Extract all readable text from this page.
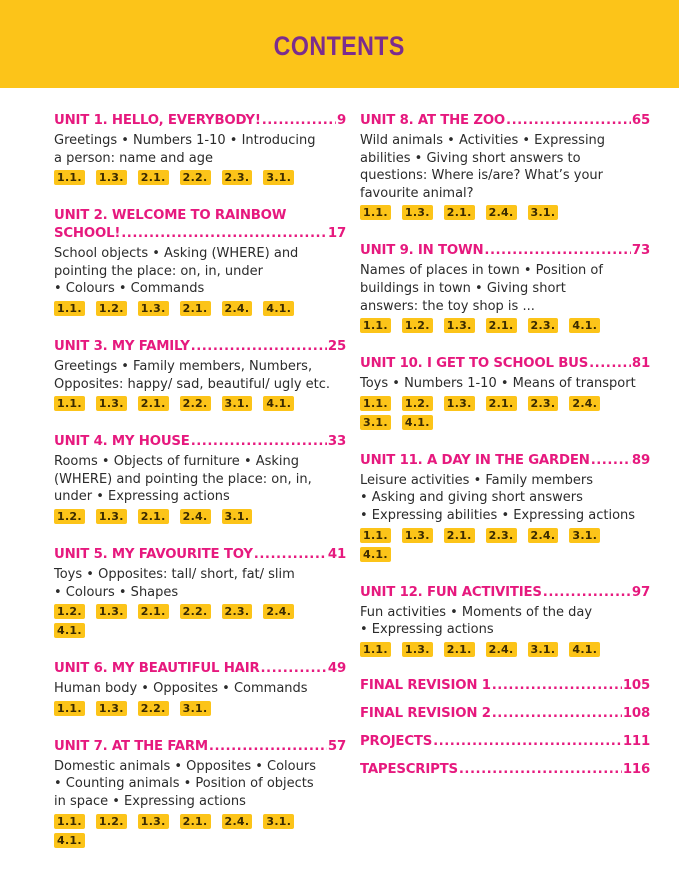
CONTENTS
UNIT 1. HELLO, EVERYBODY! .....	9
Greetings • Numbers 1-10 • Introducing
a person: name and age
1.1. 1.3. 2.1. 2.2. 2.3. 3.1.
UNIT 2. WELCOME TO RAINBOW
SCHOOL! .....	17
School objects • Asking (WHERE) and
pointing the place: on, in, under
• Colours • Commands
1.1. 1.2. 1.3. 2.1. 2.4. 4.1.
UNIT 3. MY FAMILY .....	25
Greetings • Family members, Numbers,
Opposites: happy/ sad, beautiful/ ugly etc.
1.1. 1.3. 2.1. 2.2. 3.1. 4.1.
UNIT 4. MY HOUSE .....	33
Rooms • Objects of furniture • Asking
(WHERE) and pointing the place: on, in,
under • Expressing actions
1.2. 1.3. 2.1. 2.4. 3.1.
UNIT 5. MY FAVOURITE TOY .....	41
Toys • Opposites: tall/ short, fat/ slim
• Colours • Shapes
1.2. 1.3. 2.1. 2.2. 2.3. 2.4.
4.1.
UNIT 6. MY BEAUTIFUL HAIR .....	49
Human body • Opposites • Commands
1.1. 1.3. 2.2. 3.1.
UNIT 7. AT THE FARM .....	57
Domestic animals • Opposites • Colours
• Counting animals • Position of objects
in space • Expressing actions
1.1. 1.2. 1.3. 2.1. 2.4. 3.1.
4.1.
UNIT 8. AT THE ZOO .....	65
Wild animals • Activities • Expressing
abilities • Giving short answers to
questions: Where is/are? What’s your
favourite animal?
1.1. 1.3. 2.1. 2.4. 3.1.
UNIT 9. IN TOWN .....	73
Names of places in town • Position of
buildings in town • Giving short
answers: the toy shop is ...
1.1. 1.2. 1.3. 2.1. 2.3. 4.1.
UNIT 10. I GET TO SCHOOL BUS .....	81
Toys • Numbers 1-10 • Means of transport
1.1. 1.2. 1.3. 2.1. 2.3. 2.4.
3.1. 4.1.
UNIT 11. A DAY IN THE GARDEN .....	89
Leisure activities • Family members
• Asking and giving short answers
• Expressing abilities • Expressing actions
1.1. 1.3. 2.1. 2.3. 2.4. 3.1.
4.1.
UNIT 12. FUN ACTIVITIES .....	97
Fun activities • Moments of the day
• Expressing actions
1.1. 1.3. 2.1. 2.4. 3.1. 4.1.
FINAL REVISION 1 .....	105
FINAL REVISION 2 .....	108
PROJECTS .....	111
TAPESCRIPTS .....	116
